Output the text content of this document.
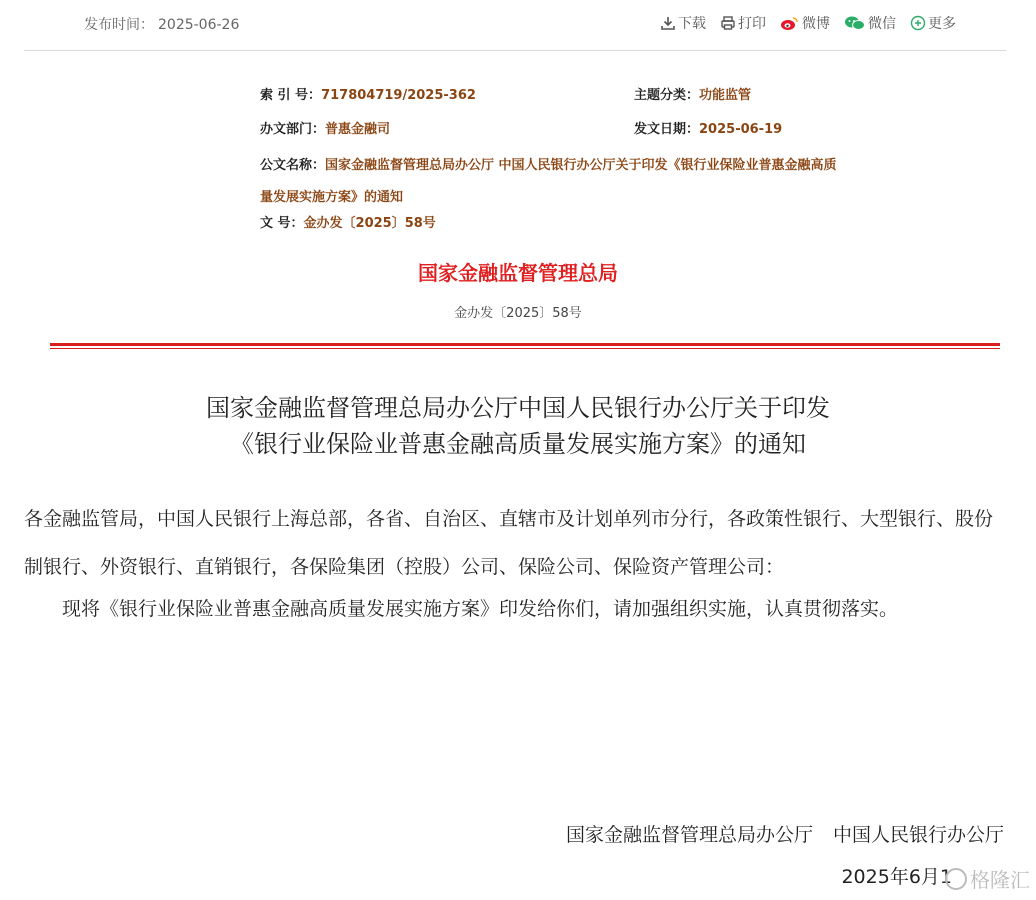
发布时间： 2025-06-26	下载 打印	微博	微信 更多
索 引 号：717804719/2025-362	主题分类：功能监管
办文部门：普惠金融司	发文日期：2025-06-19
公文名称：国家金融监督管理总局办公厅 中国人民银行办公厅关于印发《银行业保险业普惠金融高质量发展实施方案》的通知
文 号：金办发〔2025〕58号
国家金融监督管理总局
金办发〔2025〕58号
国家金融监督管理总局办公厅中国人民银行办公厅关于印发
《银行业保险业普惠金融高质量发展实施方案》的通知
各金融监管局，中国人民银行上海总部，各省、自治区、直辖市及计划单列市分行，各政策性银行、大型银行、股份制银行、外资银行、直销银行，各保险集团（控股）公司、保险公司、保险资产管理公司：
现将《银行业保险业普惠金融高质量发展实施方案》印发给你们，请加强组织实施，认真贯彻落实。
国家金融监督管理总局办公厅 中国人民银行办公厅
2025年6月1 格隆汇
